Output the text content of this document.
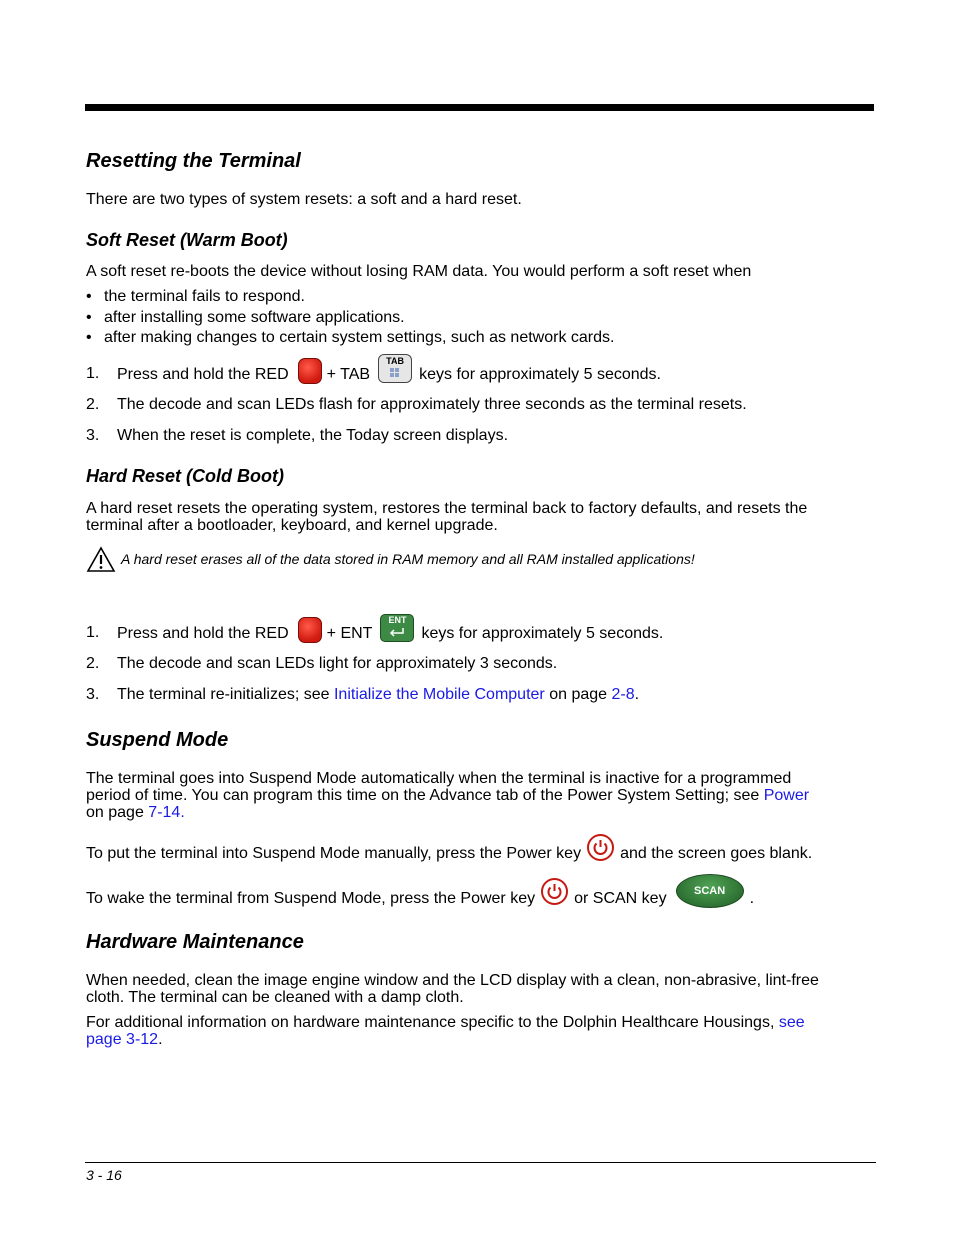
Resetting the Terminal
There are two types of system resets: a soft and a hard reset.
Soft Reset (Warm Boot)
A soft reset re-boots the device without losing RAM data. You would perform a soft reset when
• the terminal fails to respond.
• after installing some software applications.
• after making changes to certain system settings, such as network cards.
1. Press and hold the RED + TAB
TAB
keys for approximately 5 seconds.
2. The decode and scan LEDs flash for approximately three seconds as the terminal resets.
3. When the reset is complete, the Today screen displays.
Hard Reset (Cold Boot)
A hard reset resets the operating system, restores the terminal back to factory defaults, and resets the
terminal after a bootloader, keyboard, and kernel upgrade.
A hard reset erases all of the data stored in RAM memory and all RAM installed applications!
1. Press and hold the RED + ENT
ENT
keys for approximately 5 seconds.
2. The decode and scan LEDs light for approximately 3 seconds.
3. The terminal re-initializes; see
Initialize the Mobile Computer
on page
2-8 .
Suspend Mode
The terminal goes into Suspend Mode automatically when the terminal is inactive for a programmed
period of time. You can program this time on the Advance tab of the Power System Setting; see Power
on page 7-14.
To put the terminal into Suspend Mode manually, press the Power key and the screen goes blank.
To wake the terminal from Suspend Mode, press the Power key or SCAN key	SCAN	.
Hardware Maintenance
When needed, clean the image engine window and the LCD display with a clean, non-abrasive, lint-free
cloth. The terminal can be cleaned with a damp cloth.
For additional information on hardware maintenance specific to the Dolphin Healthcare Housings, see
page 3-12.
3 - 16
